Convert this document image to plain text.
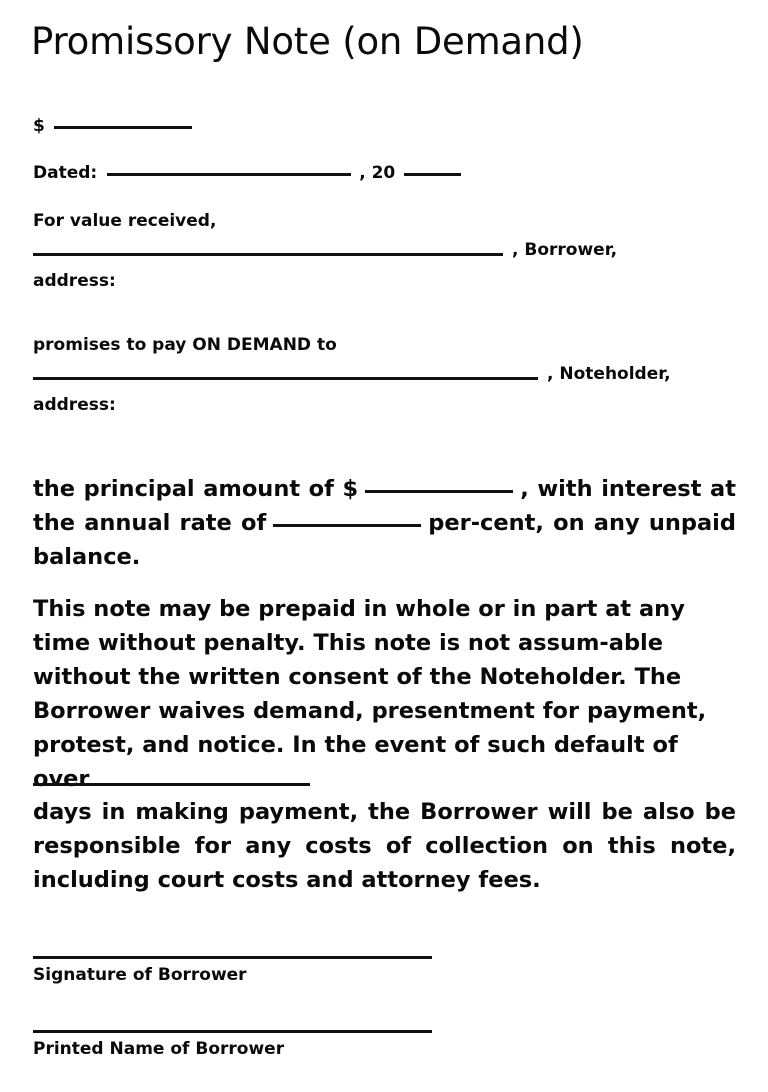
Promissory Note (on Demand)
$
Dated:	, 20
For value received,
, Borrower,
address:
promises to pay ON DEMAND to
, Noteholder,
address:
the principal amount of $	, with interest at the annual rate of	per-cent, on any unpaid balance.
This note may be prepaid in whole or in part at any time without penalty. This note is not assum-able without the written consent of the Noteholder. The Borrower waives demand, presentment for payment, protest, and notice. In the event of such default of over
days in making payment, the Borrower will be also be responsible for any costs of collection on this note, including court costs and attorney fees.
Signature of Borrower
Printed Name of Borrower
